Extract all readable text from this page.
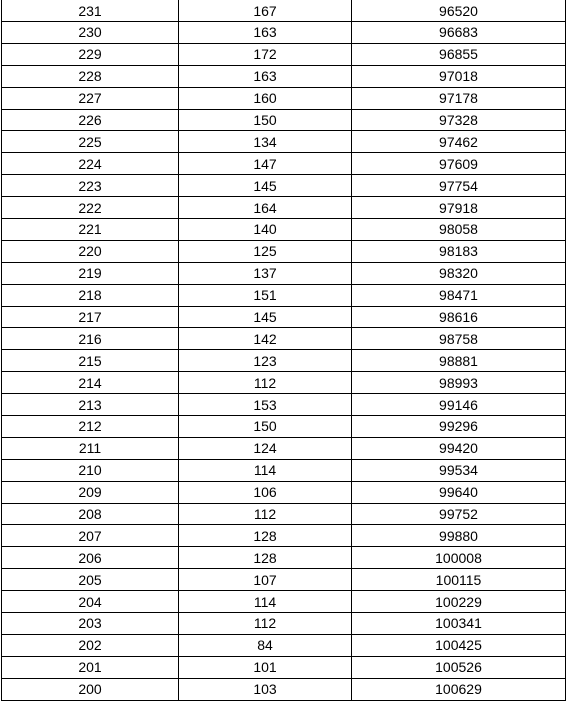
231	167	96520
230	163	96683
229	172	96855
228	163	97018
227	160	97178
226	150	97328
225	134	97462
224	147	97609
223	145	97754
222	164	97918
221	140	98058
220	125	98183
219	137	98320
218	151	98471
217	145	98616
216	142	98758
215	123	98881
214	112	98993
213	153	99146
212	150	99296
211	124	99420
210	114	99534
209	106	99640
208	112	99752
207	128	99880
206	128	100008
205	107	100115
204	114	100229
203	112	100341
202	84	100425
201	101	100526
200	103	100629
